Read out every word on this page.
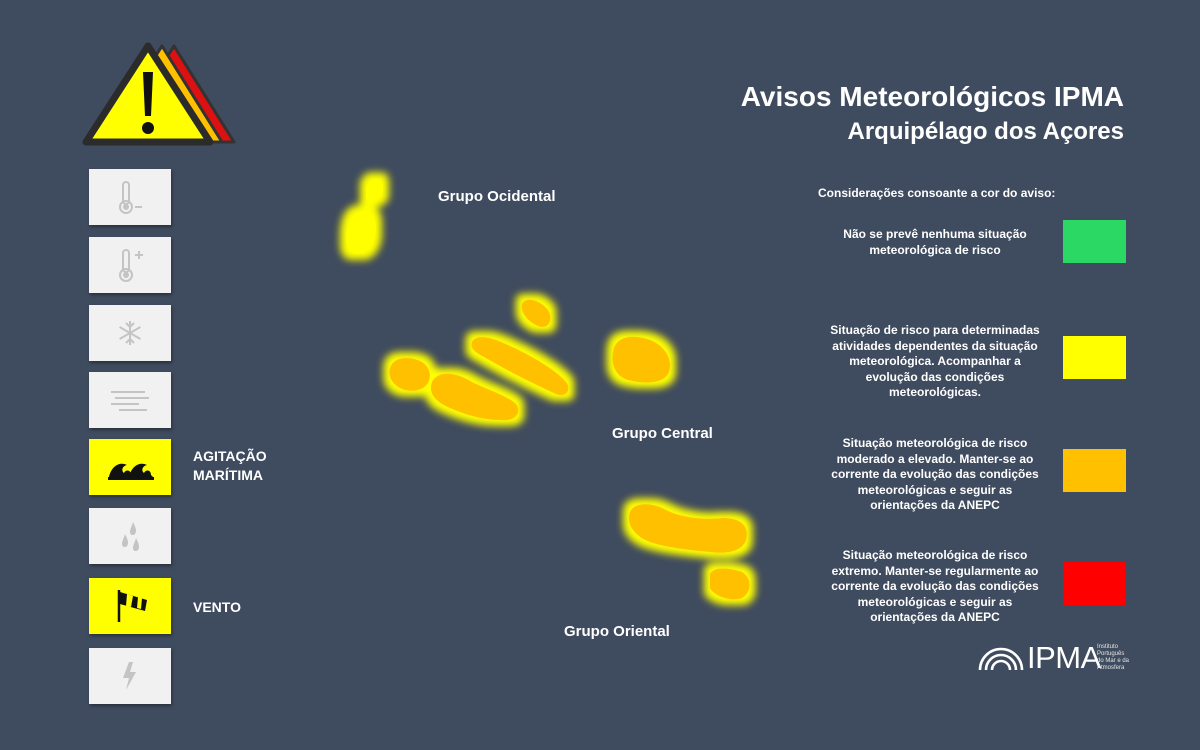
Avisos Meteorológicos IPMA
Arquipélago dos Açores
AGITAÇÃO
MARÍTIMA
VENTO
Grupo Ocidental
Grupo Central
Grupo Oriental
Considerações consoante a cor do aviso:
Não se prevê nenhuma situação
meteorológica de risco
Situação de risco para determinadas
atividades dependentes da situação
meteorológica. Acompanhar a
evolução das condições
meteorológicas.
Situação meteorológica de risco
moderado a elevado. Manter-se ao
corrente da evolução das condições
meteorológicas e seguir as
orientações da ANEPC
Situação meteorológica de risco
extremo. Manter-se regularmente ao
corrente da evolução das condições
meteorológicas e seguir as
orientações da ANEPC
IPMA
Instituto
Português
do Mar e da
Atmosfera
